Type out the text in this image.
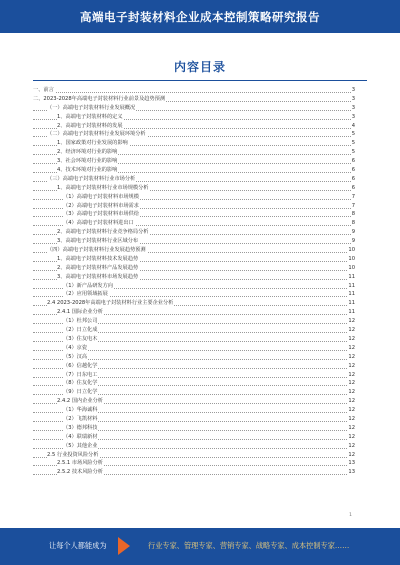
高端电子封装材料企业成本控制策略研究报告
内容目录
一、前言	3
二、2023-2028年高端电子封装材料行业前景及趋势预测	3
（一）高端电子封装材料行业发展概况	3
1、高端电子封装材料的定义	3
2、高端电子封装材料的发展	4
（二）高端电子封装材料行业发展环境分析	5
1、国家政策对行业发展的影响	5
2、经济环境对行业的影响	5
3、社会环境对行业的影响	6
4、技术环境对行业的影响	6
（三）高端电子封装材料行业市场分析	6
1、高端电子封装材料行业市场规模分析	6
（1）高端电子封装材料市场规模	7
（2）高端电子封装材料市场需求	7
（3）高端电子封装材料市场供给	8
（4）高端电子封装材料进出口	8
2、高端电子封装材料行业竞争格局分析	9
3、高端电子封装材料行业区域分布	9
（四）高端电子封装材料行业发展趋势预测	10
1、高端电子封装材料技术发展趋势	10
2、高端电子封装材料产品发展趋势	10
3、高端电子封装材料市场发展趋势	11
（1）新产品研发方向	11
（2）应用领域拓展	11
2.4 2023-2028年高端电子封装材料行业主要企业分析	11
2.4.1 国际企业分析	11
（1）杜邦公司	12
（2）日立化成	12
（3）住友电木	12
（4）京瓷	12
（5）汉高	12
（6）信越化学	12
（7）日东电工	12
（8）住友化学	12
（9）日立化学	12
2.4.2 国内企业分析	12
（1）华海诚科	12
（2）飞凯材料	12
（3）德邦科技	12
（4）联瑞新材	12
（5）其他企业	12
2.5 行业投资风险分析	12
2.5.1 市场风险分析	13
2.5.2 技术风险分析	13
1
让每个人都能成为	行业专家、管理专家、营销专家、战略专家、成本控制专家……
